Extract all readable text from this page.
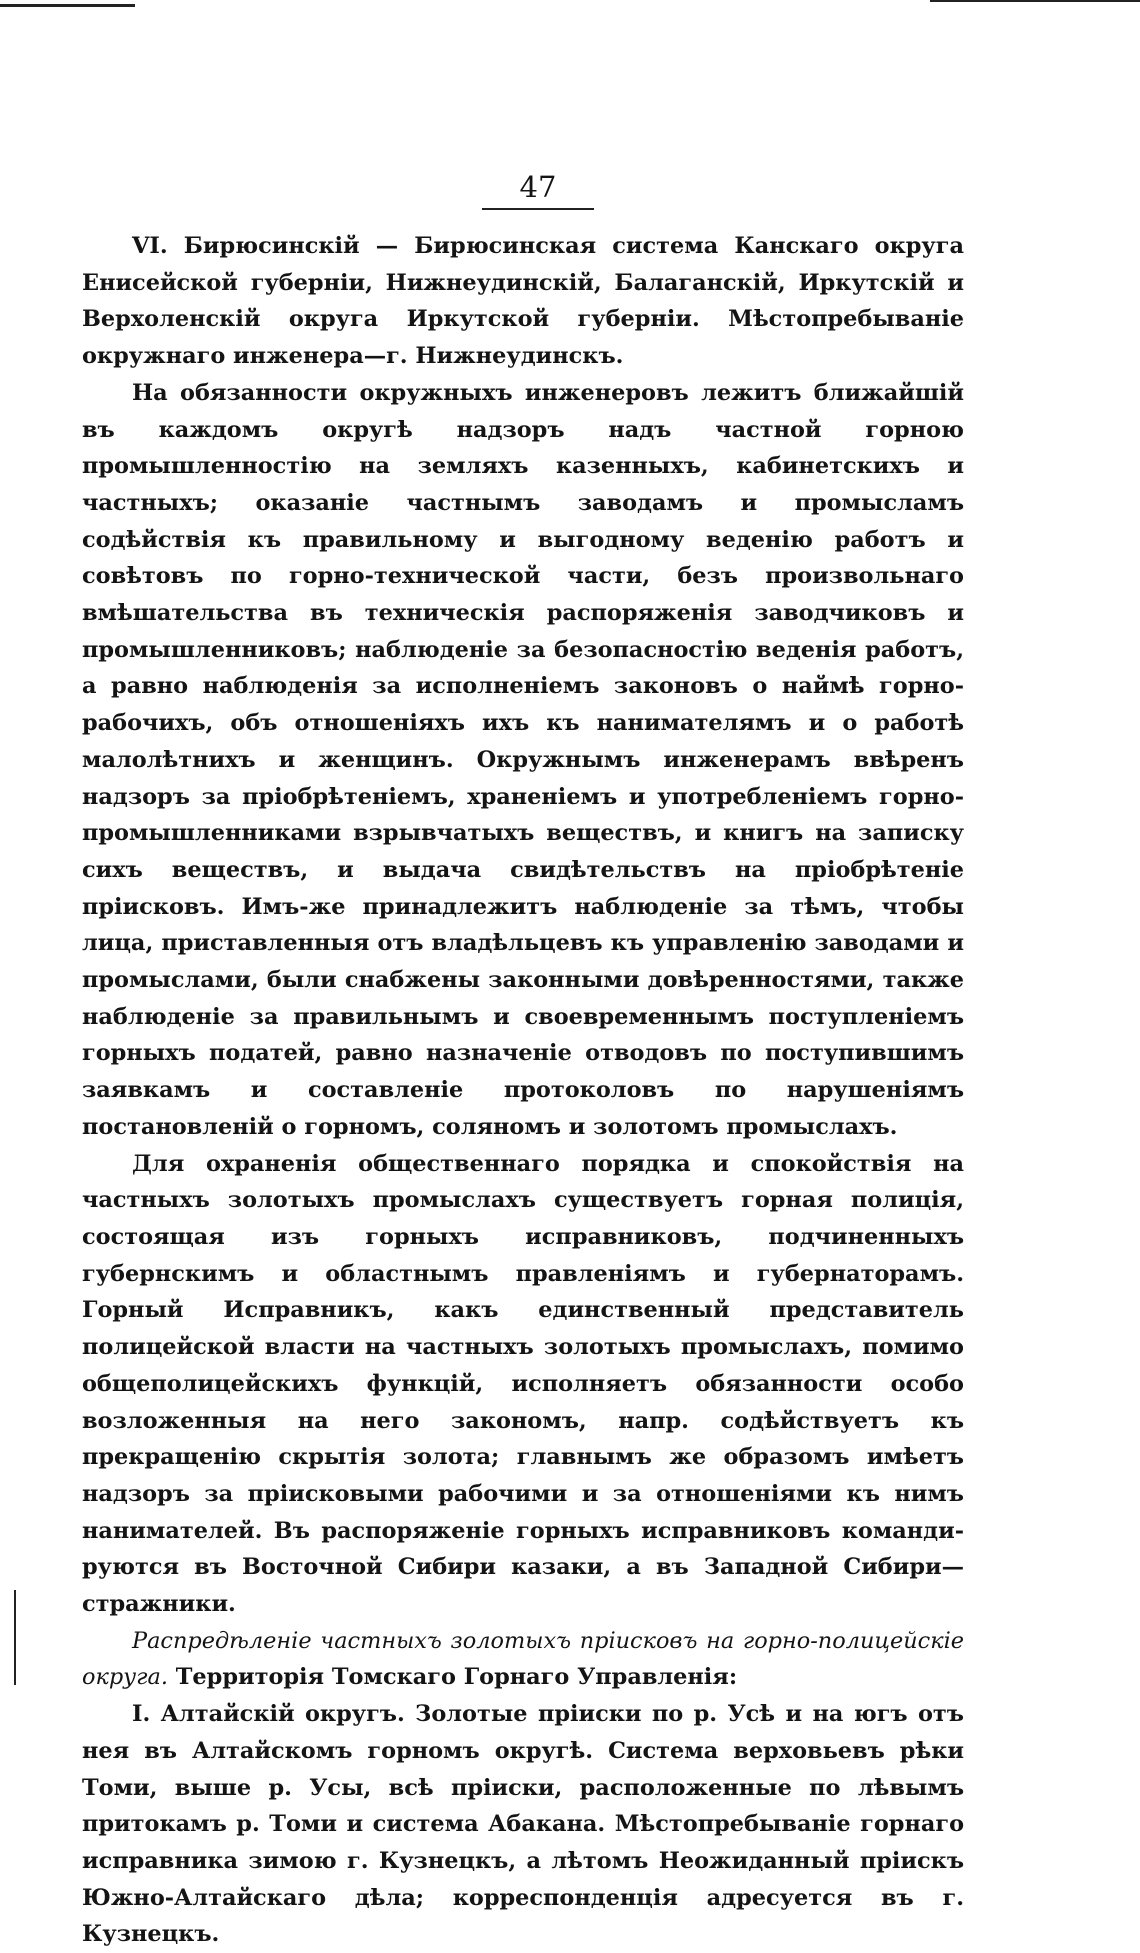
47

VI. Бирюсинскій — Бирюсинская система Канскаго округа Енисейской губерніи, Нижнеудинскій, Балаганскій, Иркутскій и Верхоленскій округа Иркутской губерніи. Мѣстопребываніе окружнаго инженера—г. Нижнеудинскъ.

На обязанности окружныхъ инженеровъ лежитъ ближайшій въ каждомъ округѣ надзоръ надъ частной горною промышленностію на земляхъ казенныхъ, кабинетскихъ и частныхъ; оказаніе частнымъ заводамъ и промысламъ содѣйствія къ правильному и выгодному веденію работъ и совѣтовъ по горно-технической части, безъ произвольнаго вмѣшательства въ техническія распоряженія заводчиковъ и промышленниковъ; наблюденіе за безопасностію веденія работъ, а равно наблюденія за исполненіемъ законовъ о наймѣ горно-рабочихъ, объ отношеніяхъ ихъ къ нанимателямъ и о работѣ малолѣтнихъ и женщинъ. Окружнымъ инженерамъ ввѣренъ надзоръ за пріобрѣтеніемъ, храненіемъ и употребленіемъ горнопромышленниками взрывчатыхъ веществъ, и книгъ на записку сихъ веществъ, и выдача свидѣтельствъ на пріобрѣтеніе пріисковъ. Имъ-же принадлежитъ наблюденіе за тѣмъ, чтобы лица, приставленныя отъ владѣльцевъ къ управленію заводами и промыслами, были снабжены законными довѣренностями, также наблюденіе за правильнымъ и своевременнымъ поступленіемъ горныхъ податей, равно назначеніе отводовъ по поступившимъ заявкамъ и составленіе протоколовъ по нарушеніямъ постановленій о горномъ, соляномъ и золотомъ промыслахъ.

Для охраненія общественнаго порядка и спокойствія на частныхъ золотыхъ промыслахъ существуетъ горная полиція, состоящая изъ горныхъ исправниковъ, подчиненныхъ губернскимъ и областнымъ правленіямъ и губернаторамъ. Горный Исправникъ, какъ единственный представитель полицейской власти на частныхъ золотыхъ промыслахъ, помимо общеполицейскихъ функцій, исполняетъ обязанности особо возложенныя на него закономъ, напр. содѣйствуетъ къ прекращенію скрытія золота; главнымъ же образомъ имѣетъ надзоръ за пріисковыми рабочими и за отношеніями къ нимъ нанимателей. Въ распоряженіе горныхъ исправниковъ командируются въ Восточной Сибири казаки, а въ Западной Сибири—стражники.

Распредѣленіе частныхъ золотыхъ пріисковъ на горно-полицейскіе округа. Территорія Томскаго Горнаго Управленія:

I. Алтайскій округъ. Золотые пріиски по р. Усѣ и на югъ отъ нея въ Алтайскомъ горномъ округѣ. Система верховьевъ рѣки Томи, выше р. Усы, всѣ пріиски, расположенные по лѣвымъ притокамъ р. Томи и система Абакана. Мѣстопребываніе горнаго исправника зимою г. Кузнецкъ, а лѣтомъ Неожиданный пріискъ Южно-Алтайскаго дѣла; корреспонденція адресуется въ г. Кузнецкъ.
